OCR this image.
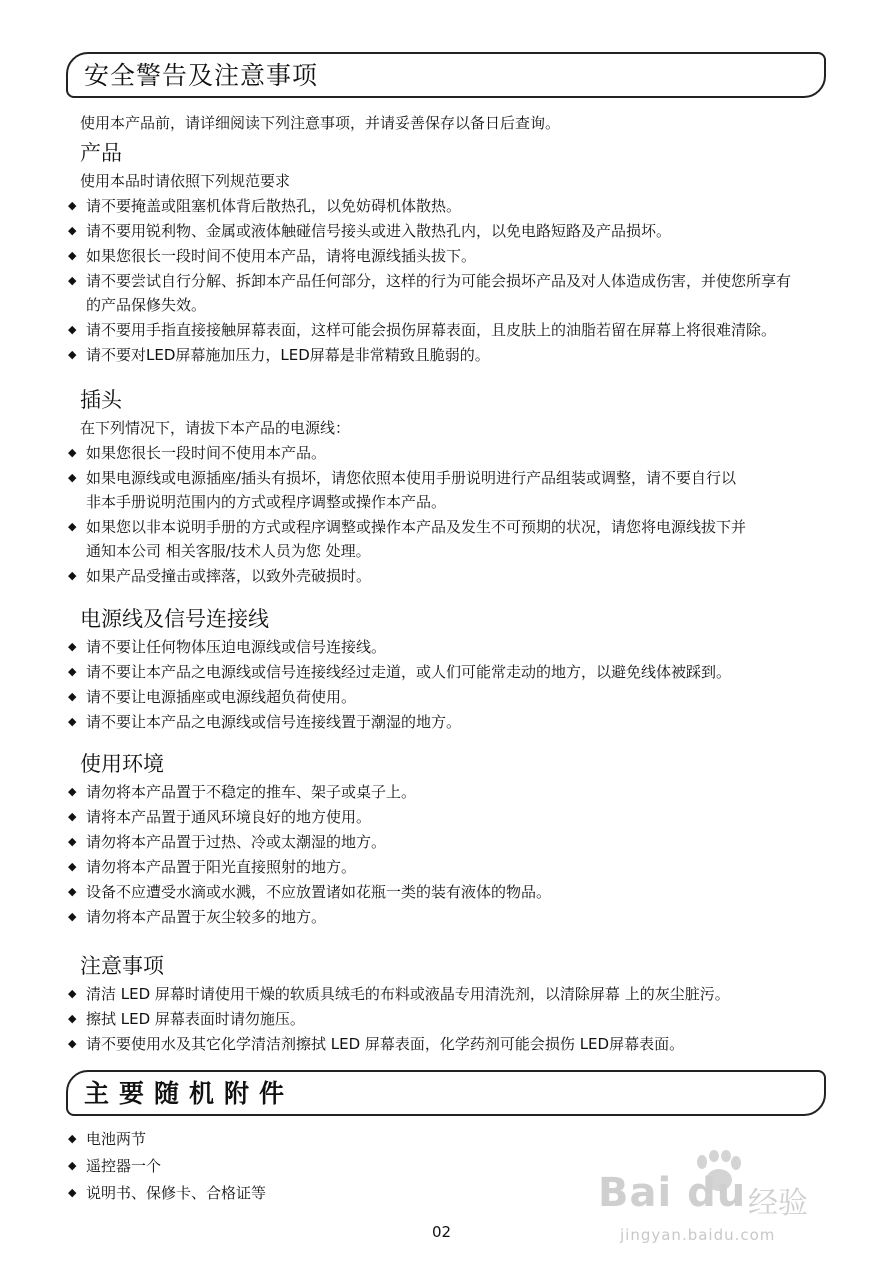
安全警告及注意事项
使用本产品前，请详细阅读下列注意事项，并请妥善保存以备日后查询。
产品
使用本品时请依照下列规范要求
◆ 请不要掩盖或阻塞机体背后散热孔，以免妨碍机体散热。
◆ 请不要用锐利物、金属或液体触碰信号接头或进入散热孔内，以免电路短路及产品损坏。
◆ 如果您很长一段时间不使用本产品，请将电源线插头拔下。
◆ 请不要尝试自行分解、拆卸本产品任何部分，这样的行为可能会损坏产品及对人体造成伤害，并使您所享有
的产品保修失效。
◆ 请不要用手指直接接触屏幕表面，这样可能会损伤屏幕表面，且皮肤上的油脂若留在屏幕上将很难清除。
◆ 请不要对LED屏幕施加压力，LED屏幕是非常精致且脆弱的。
插头
在下列情况下，请拔下本产品的电源线：
◆ 如果您很长一段时间不使用本产品。
◆ 如果电源线或电源插座/插头有损坏，请您依照本使用手册说明进行产品组装或调整，请不要自行以
非本手册说明范围内的方式或程序调整或操作本产品。
◆ 如果您以非本说明手册的方式或程序调整或操作本产品及发生不可预期的状况，请您将电源线拔下并
通知本公司 相关客服/技术人员为您 处理。
◆ 如果产品受撞击或摔落，以致外壳破损时。
电源线及信号连接线
◆ 请不要让任何物体压迫电源线或信号连接线。
◆ 请不要让本产品之电源线或信号连接线经过走道，或人们可能常走动的地方，以避免线体被踩到。
◆ 请不要让电源插座或电源线超负荷使用。
◆ 请不要让本产品之电源线或信号连接线置于潮湿的地方。
使用环境
◆ 请勿将本产品置于不稳定的推车、架子或桌子上。
◆ 请将本产品置于通风环境良好的地方使用。
◆ 请勿将本产品置于过热、冷或太潮湿的地方。
◆ 请勿将本产品置于阳光直接照射的地方。
◆ 设备不应遭受水滴或水溅，不应放置诸如花瓶一类的装有液体的物品。
◆ 请勿将本产品置于灰尘较多的地方。
注意事项
◆ 清洁 LED 屏幕时请使用干燥的软质具绒毛的布料或液晶专用清洗剂，以清除屏幕 上的灰尘脏污。
◆ 擦拭 LED 屏幕表面时请勿施压。
◆ 请不要使用水及其它化学清洁剂擦拭 LED 屏幕表面，化学药剂可能会损伤 LED屏幕表面。
主要随机附件
◆ 电池两节
◆ 遥控器一个
◆ 说明书、保修卡、合格证等	Bai du 经验
jingyan.baidu.com
02
